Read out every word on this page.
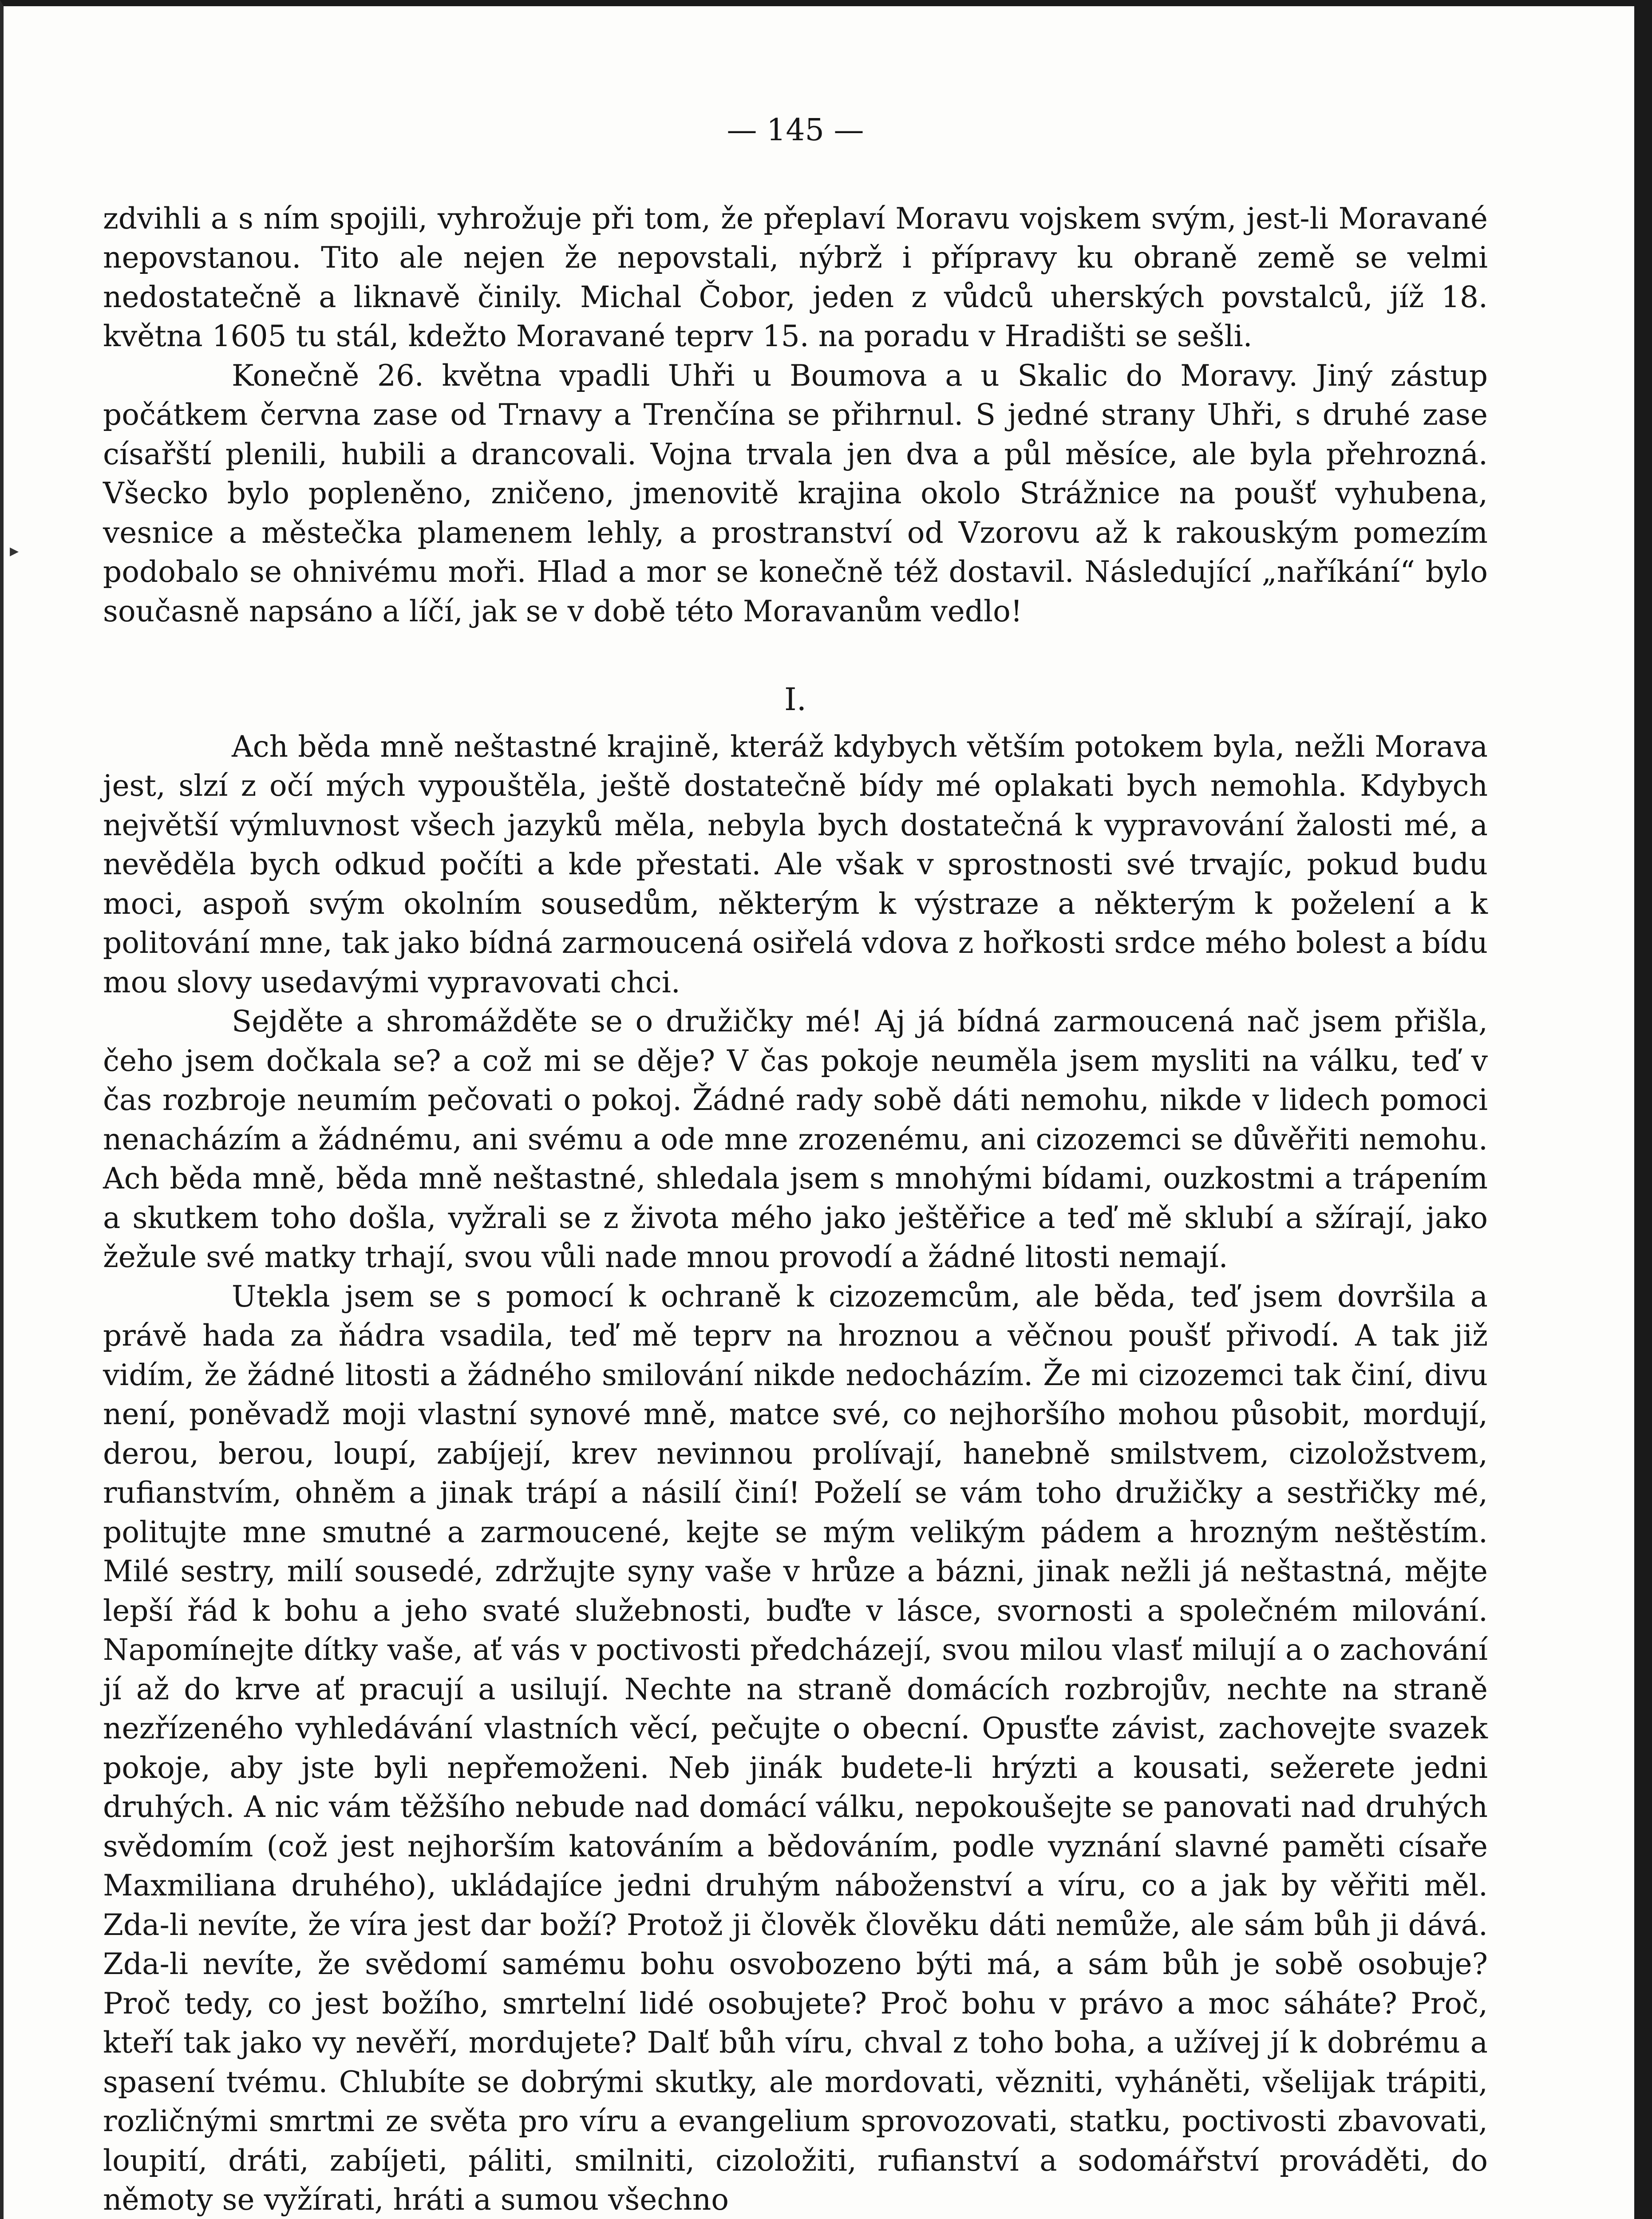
▸
— 145 —

zdvihli a s ním spojili, vyhrožuje při tom, že přeplaví Moravu vojskem svým, jest-li Moravané nepovstanou. Tito ale nejen že nepovstali, nýbrž i přípravy ku obraně země se velmi nedostatečně a liknavě činily. Michal Čobor, jeden z vůdců uherských povstalců, jíž 18. května 1605 tu stál, kdežto Moravané teprv 15. na poradu v Hradišti se sešli.

Konečně 26. května vpadli Uhři u Boumova a u Skalic do Moravy. Jiný zástup počátkem června zase od Trnavy a Trenčína se přihrnul. S jedné strany Uhři, s druhé zase císařští plenili, hubili a drancovali. Vojna trvala jen dva a půl měsíce, ale byla přehrozná. Všecko bylo popleněno, zničeno, jmenovitě krajina okolo Strážnice na poušť vyhubena, vesnice a městečka plamenem lehly, a prostranství od Vzorovu až k rakouským pomezím podobalo se ohnivému moři. Hlad a mor se konečně též dostavil. Následující „naříkání“ bylo současně napsáno a líčí, jak se v době této Moravanům vedlo!

I.

Ach běda mně neštastné krajině, kteráž kdybych větším potokem byla, nežli Morava jest, slzí z očí mých vypouštěla, ještě dostatečně bídy mé oplakati bych nemohla. Kdybych největší výmluvnost všech jazyků měla, nebyla bych dostatečná k vypravování žalosti mé, a nevěděla bych odkud počíti a kde přestati. Ale však v sprostnosti své trvajíc, pokud budu moci, aspoň svým okolním sousedům, některým k výstraze a některým k poželení a k politování mne, tak jako bídná zarmoucená osiřelá vdova z hořkosti srdce mého bolest a bídu mou slovy usedavými vypravovati chci.

Sejděte a shromážděte se o družičky mé! Aj já bídná zarmoucená nač jsem přišla, čeho jsem dočkala se? a což mi se děje? V čas pokoje neuměla jsem mysliti na válku, teď v čas rozbroje neumím pečovati o pokoj. Žádné rady sobě dáti nemohu, nikde v lidech pomoci nenacházím a žádnému, ani svému a ode mne zrozenému, ani cizozemci se důvěřiti nemohu. Ach běda mně, běda mně neštastné, shledala jsem s mnohými bídami, ouzkostmi a trápením a skutkem toho došla, vyžrali se z života mého jako ještěřice a teď mě sklubí a sžírají, jako žežule své matky trhají, svou vůli nade mnou provodí a žádné litosti nemají.

Utekla jsem se s pomocí k ochraně k cizozemcům, ale běda, teď jsem dovršila a právě hada za ňádra vsadila, teď mě teprv na hroznou a věčnou poušť přivodí. A tak již vidím, že žádné litosti a žádného smilování nikde nedocházím. Že mi cizozemci tak činí, divu není, poněvadž moji vlastní synové mně, matce své, co nejhoršího mohou působit, mordují, derou, berou, loupí, zabíjejí, krev nevinnou prolívají, hanebně smilstvem, cizoložstvem, rufianstvím, ohněm a jinak trápí a násilí činí! Poželí se vám toho družičky a sestřičky mé, politujte mne smutné a zarmoucené, kejte se mým velikým pádem a hrozným neštěstím. Milé sestry, milí sousedé, zdržujte syny vaše v hrůze a bázni, jinak nežli já neštastná, mějte lepší řád k bohu a jeho svaté služebnosti, buďte v lásce, svornosti a společném milování. Napomínejte dítky vaše, ať vás v poctivosti předcházejí, svou milou vlasť milují a o zachování jí až do krve ať pracují a usilují. Nechte na straně domácích rozbrojův, nechte na straně nezřízeného vyhledávání vlastních věcí, pečujte o obecní. Opusťte závist, zachovejte svazek pokoje, aby jste byli nepřemoženi. Neb jinák budete-li hrýzti a kousati, sežerete jedni druhých. A nic vám těžšího nebude nad domácí válku, nepokoušejte se panovati nad druhých svědomím (což jest nejhorším katováním a bědováním, podle vyznání slavné paměti císaře Maxmiliana druhého), ukládajíce jedni druhým náboženství a víru, co a jak by věřiti měl. Zda-li nevíte, že víra jest dar boží? Protož ji člověk člověku dáti nemůže, ale sám bůh ji dává. Zda-li nevíte, že svědomí samému bohu osvobozeno býti má, a sám bůh je sobě osobuje? Proč tedy, co jest božího, smrtelní lidé osobujete? Proč bohu v právo a moc sáháte? Proč, kteří tak jako vy nevěří, mordujete? Dalť bůh víru, chval z toho boha, a užívej jí k dobrému a spasení tvému. Chlubíte se dobrými skutky, ale mordovati, vězniti, vyháněti, všelijak trápiti, rozličnými smrtmi ze světa pro víru a evangelium sprovozovati, statku, poctivosti zbavovati, loupití, dráti, zabíjeti, páliti, smilniti, cizoložiti, rufianství a sodomářství prováděti, do němoty se vyžírati, hráti a sumou všechno
